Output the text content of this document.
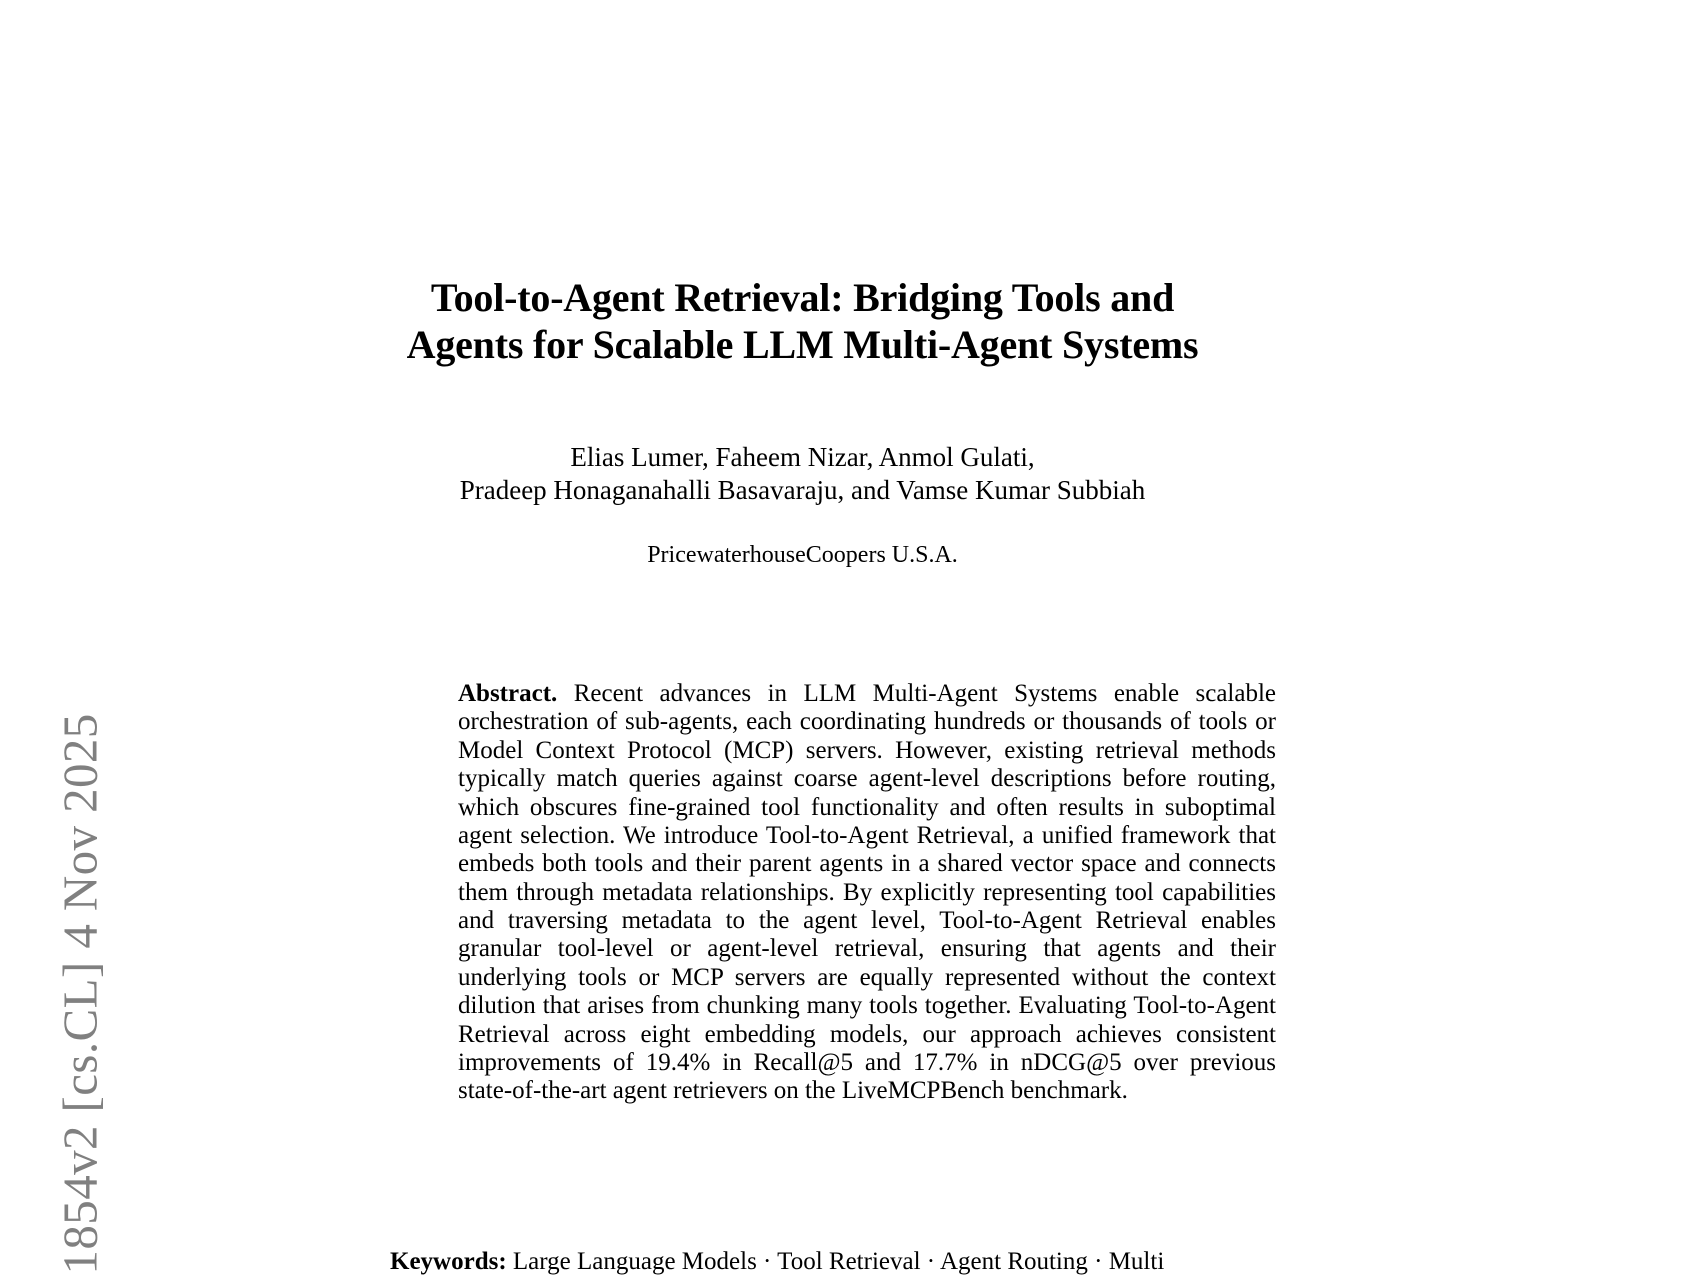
1854v2 [cs.CL] 4 Nov 2025
Tool-to-Agent Retrieval: Bridging Tools and
Agents for Scalable LLM Multi-Agent Systems
Elias Lumer, Faheem Nizar, Anmol Gulati,
Pradeep Honaganahalli Basavaraju, and Vamse Kumar Subbiah
PricewaterhouseCoopers U.S.A.

Abstract. Recent advances in LLM Multi-Agent Systems enable scalable orchestration of sub-agents, each coordinating hundreds or thousands of tools or Model Context Protocol (MCP) servers. However, existing retrieval methods typically match queries against coarse agent-level descriptions before routing, which obscures fine-grained tool functionality and often results in suboptimal agent selection. We introduce Tool-to-Agent Retrieval, a unified framework that embeds both tools and their parent agents in a shared vector space and connects them through metadata relationships. By explicitly representing tool capabilities and traversing metadata to the agent level, Tool-to-Agent Retrieval enables granular tool-level or agent-level retrieval, ensuring that agents and their underlying tools or MCP servers are equally represented without the context dilution that arises from chunking many tools together. Evaluating Tool-to-Agent Retrieval across eight embedding models, our approach achieves consistent improvements of 19.4% in Recall@5 and 17.7% in nDCG@5 over previous state-of-the-art agent retrievers on the LiveMCPBench benchmark.

Keywords: Large Language Models · Tool Retrieval · Agent Routing · Multi
